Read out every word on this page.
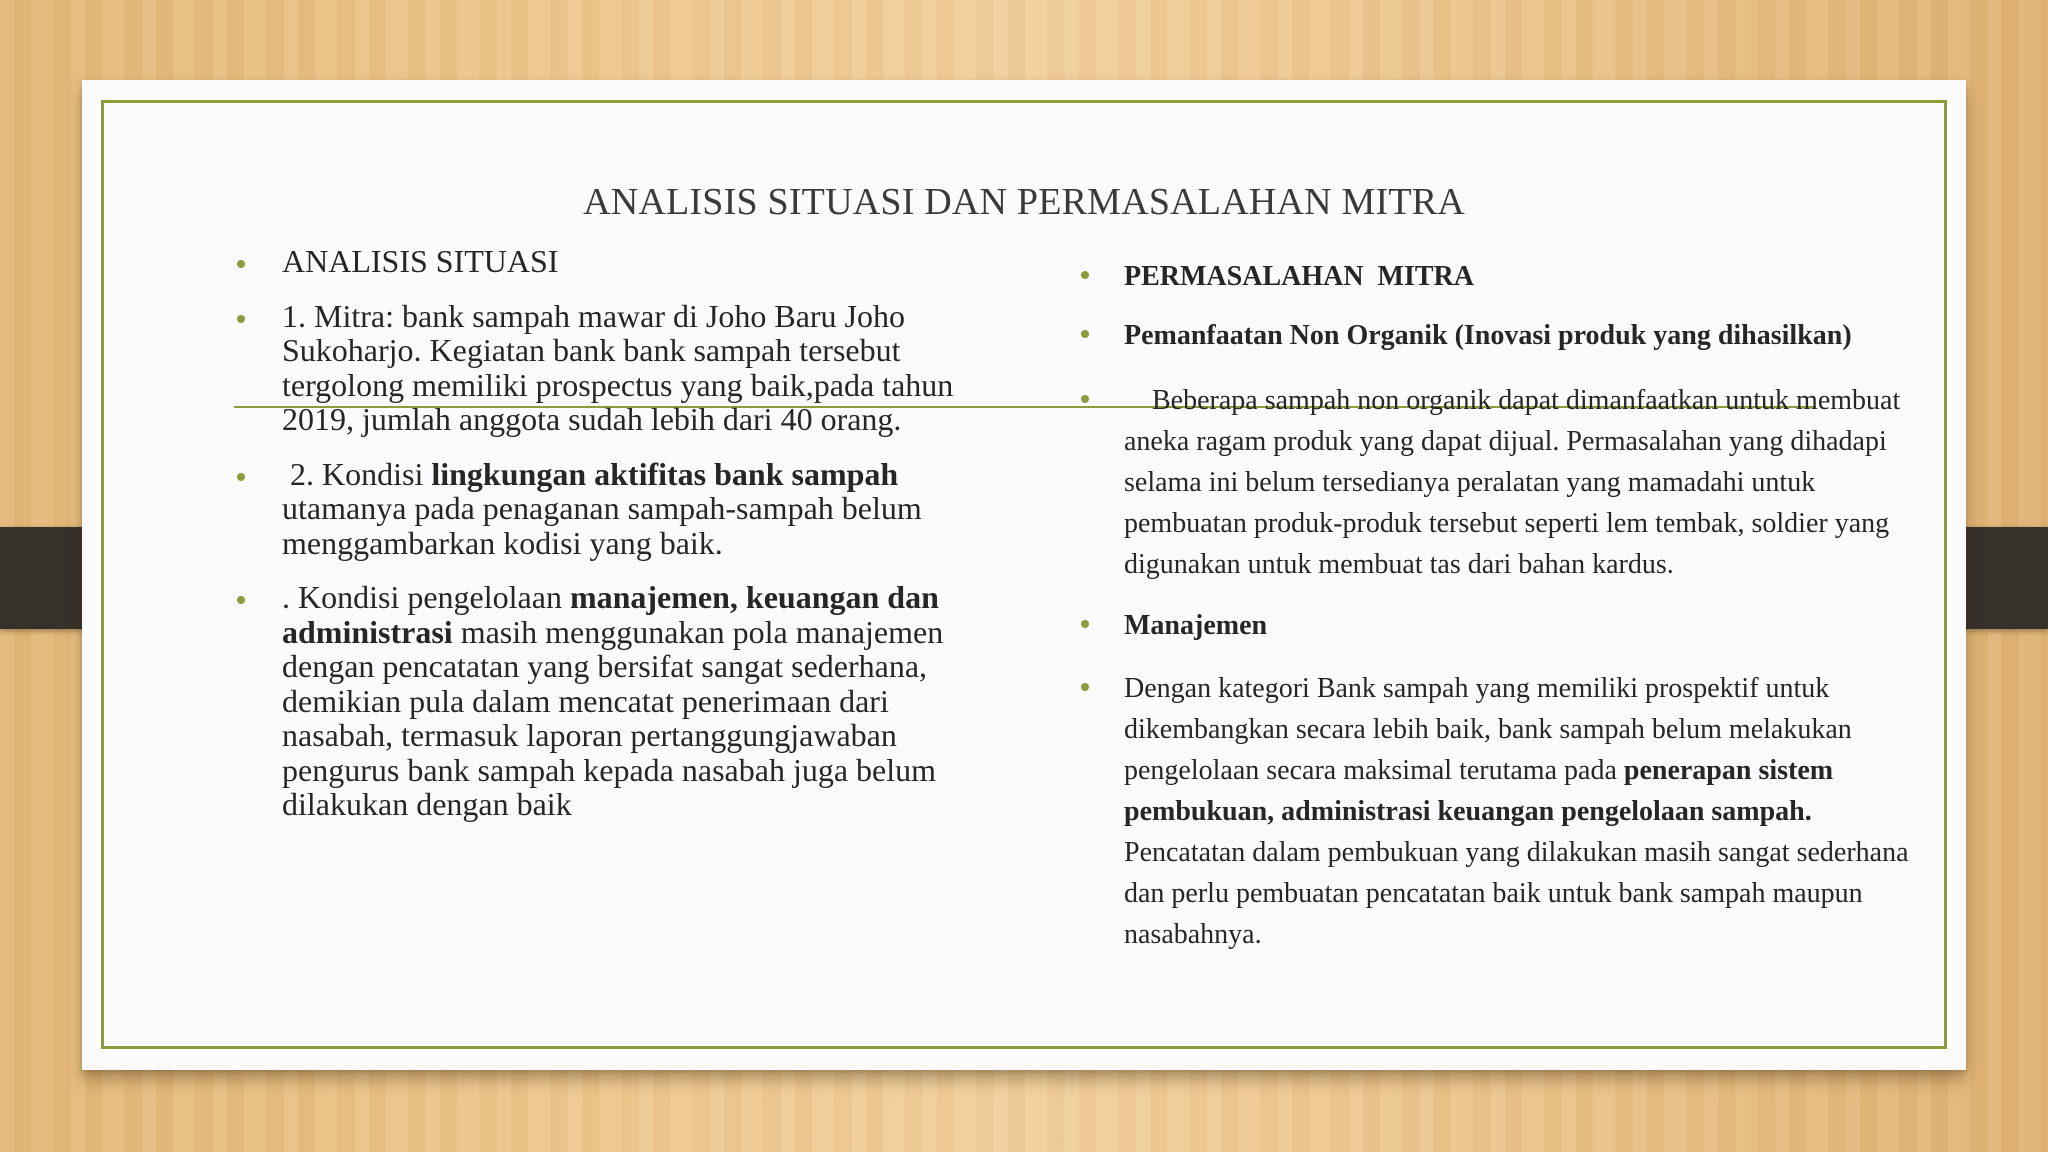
ANALISIS SITUASI DAN PERMASALAHAN MITRA
ANALISIS SITUASI
1. Mitra: bank sampah mawar di Joho Baru Joho Sukoharjo. Kegiatan bank bank sampah tersebut tergolong memiliki prospectus yang baik,pada tahun 2019, jumlah anggota sudah lebih dari 40 orang.
2. Kondisi lingkungan aktifitas bank sampah utamanya pada penaganan sampah-sampah belum menggambarkan kodisi yang baik.
. Kondisi pengelolaan manajemen, keuangan dan administrasi masih menggunakan pola manajemen dengan pencatatan yang bersifat sangat sederhana, demikian pula dalam mencatat penerimaan dari nasabah, termasuk laporan pertanggungjawaban pengurus bank sampah kepada nasabah juga belum dilakukan dengan baik
PERMASALAHAN  MITRA
Pemanfaatan Non Organik (Inovasi produk yang dihasilkan)
Beberapa sampah non organik dapat dimanfaatkan untuk membuat aneka ragam produk yang dapat dijual. Permasalahan yang dihadapi selama ini belum tersedianya peralatan yang mamadahi untuk pembuatan produk-produk tersebut seperti lem tembak, soldier yang digunakan untuk membuat tas dari bahan kardus.
Manajemen
Dengan kategori Bank sampah yang memiliki prospektif untuk dikembangkan secara lebih baik, bank sampah belum melakukan pengelolaan secara maksimal terutama pada penerapan sistem pembukuan, administrasi keuangan pengelolaan sampah. Pencatatan dalam pembukuan yang dilakukan masih sangat sederhana dan perlu pembuatan pencatatan baik untuk bank sampah maupun nasabahnya.
